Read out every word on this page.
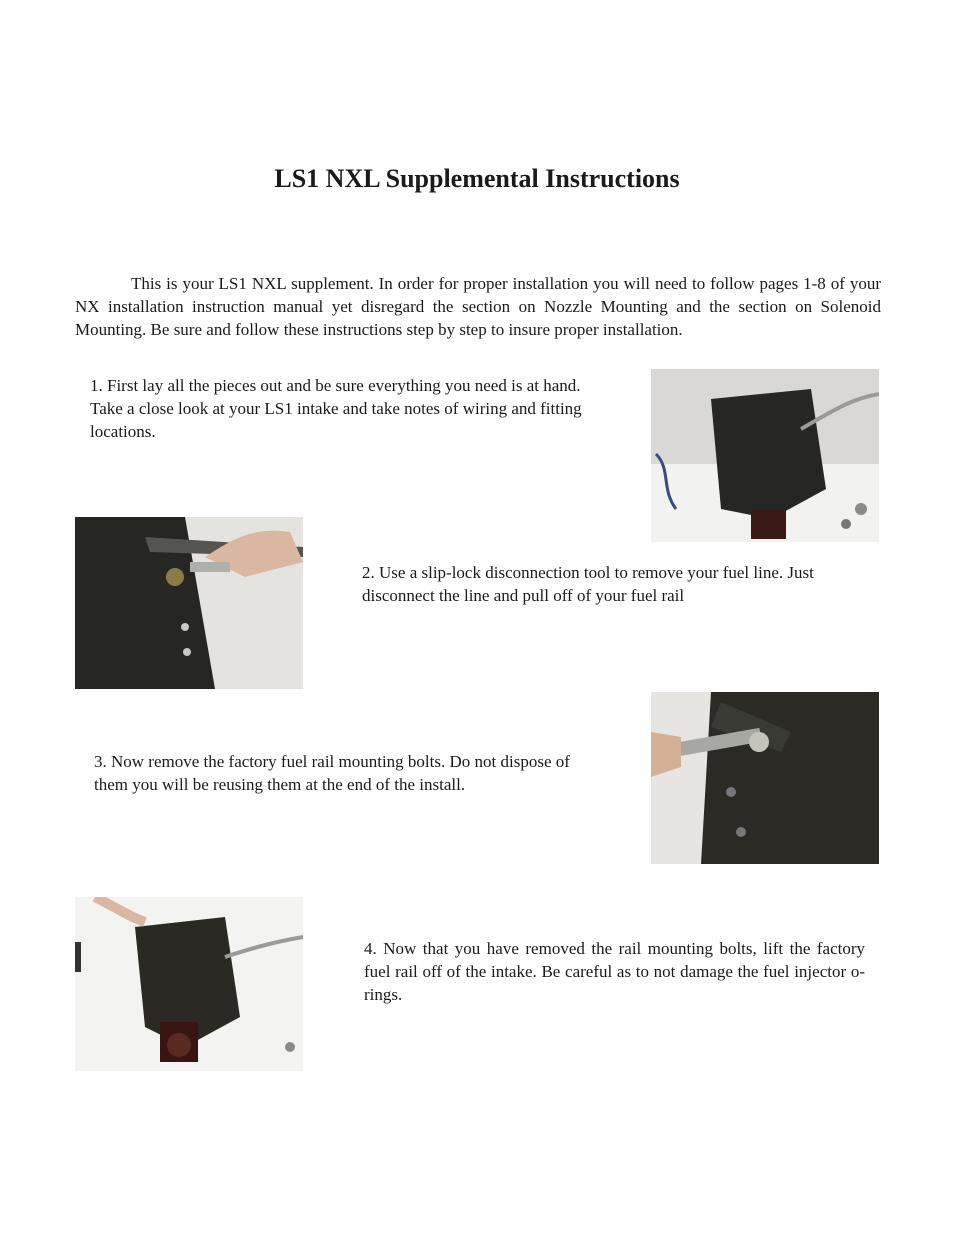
LS1 NXL Supplemental Instructions

This is your LS1 NXL supplement. In order for proper installation you will need to follow pages 1-8 of your NX installation instruction manual yet disregard the section on Nozzle Mounting and the section on Solenoid Mounting. Be sure and follow these instructions step by step to insure proper installation.

1. First lay all the pieces out and be sure everything you need is at hand. Take a close look at your LS1 intake and take notes of wiring and fitting locations.

2. Use a slip-lock disconnection tool to remove your fuel line. Just disconnect the line and pull off of your fuel rail

3. Now remove the factory fuel rail mounting bolts. Do not dispose of them you will be reusing them at the end of the install.

4. Now that you have removed the rail mounting bolts, lift the factory fuel rail off of the intake. Be careful as to not damage the fuel injector o-rings.
